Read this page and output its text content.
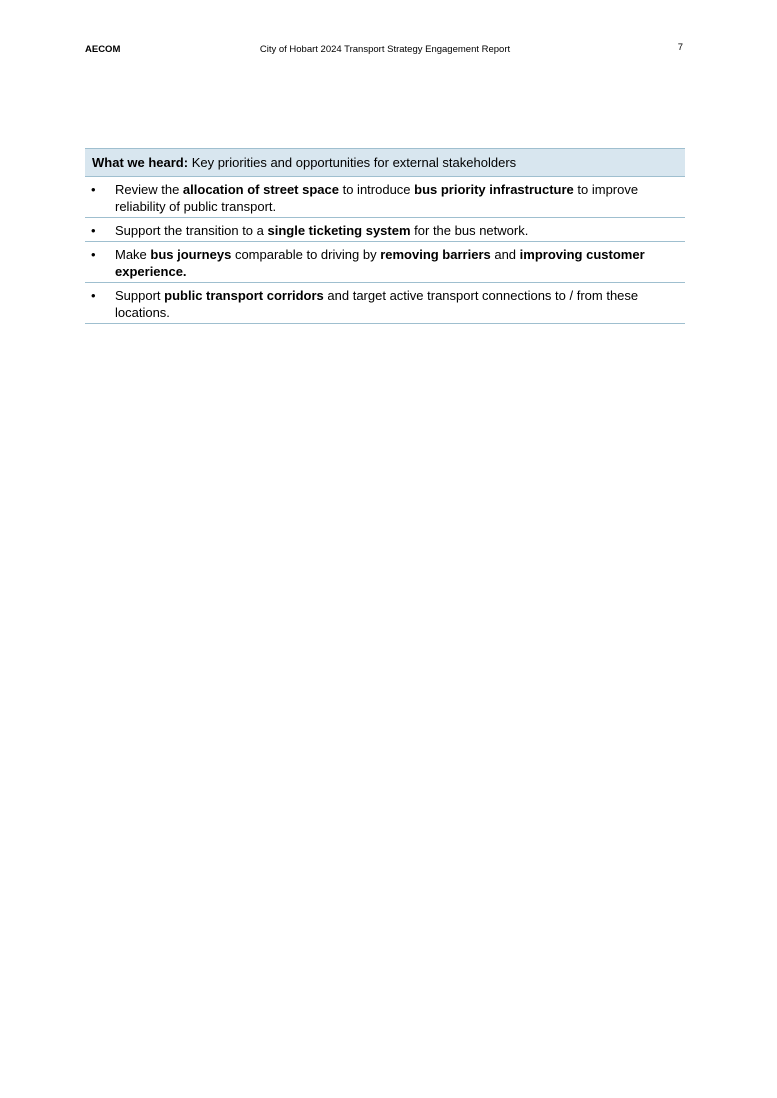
AECOM	City of Hobart 2024 Transport Strategy Engagement Report	7
What we heard: Key priorities and opportunities for external stakeholders
• Review the allocation of street space to introduce bus priority infrastructure to improve reliability of public transport.
• Support the transition to a single ticketing system for the bus network.
• Make bus journeys comparable to driving by removing barriers and improving customer experience.
• Support public transport corridors and target active transport connections to / from these locations.
